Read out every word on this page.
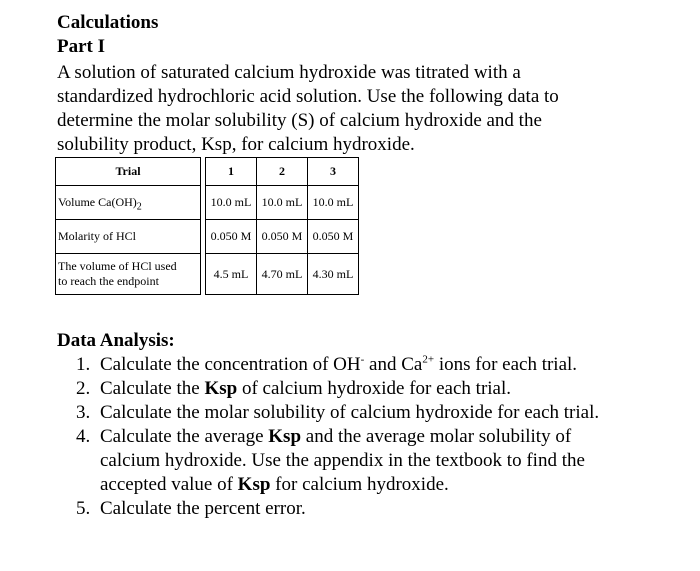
Calculations
Part I

A solution of saturated calcium hydroxide was titrated with a
standardized hydrochloric acid solution. Use the following data to
determine the molar solubility (S) of calcium hydroxide and the
solubility product, Ksp, for calcium hydroxide.

Trial		1	2	3
Volume $Ca(OH)_2$		10.0 mL	10.0 mL	10.0 mL
Molarity of HCl		0.050 M	0.050 M	0.050 M
The volume of HCl used
to reach the endpoint		4.5 mL	4.70 mL	4.30 mL
Data Analysis:
1. Calculate the concentration of OH- and $Ca^{2+}$ ions for each trial.
2. Calculate the Ksp of calcium hydroxide for each trial.
3. Calculate the molar solubility of calcium hydroxide for each trial.
4. Calculate the average Ksp and the average molar solubility of
calcium hydroxide. Use the appendix in the textbook to find the
accepted value of Ksp for calcium hydroxide.
5. Calculate the percent error.
